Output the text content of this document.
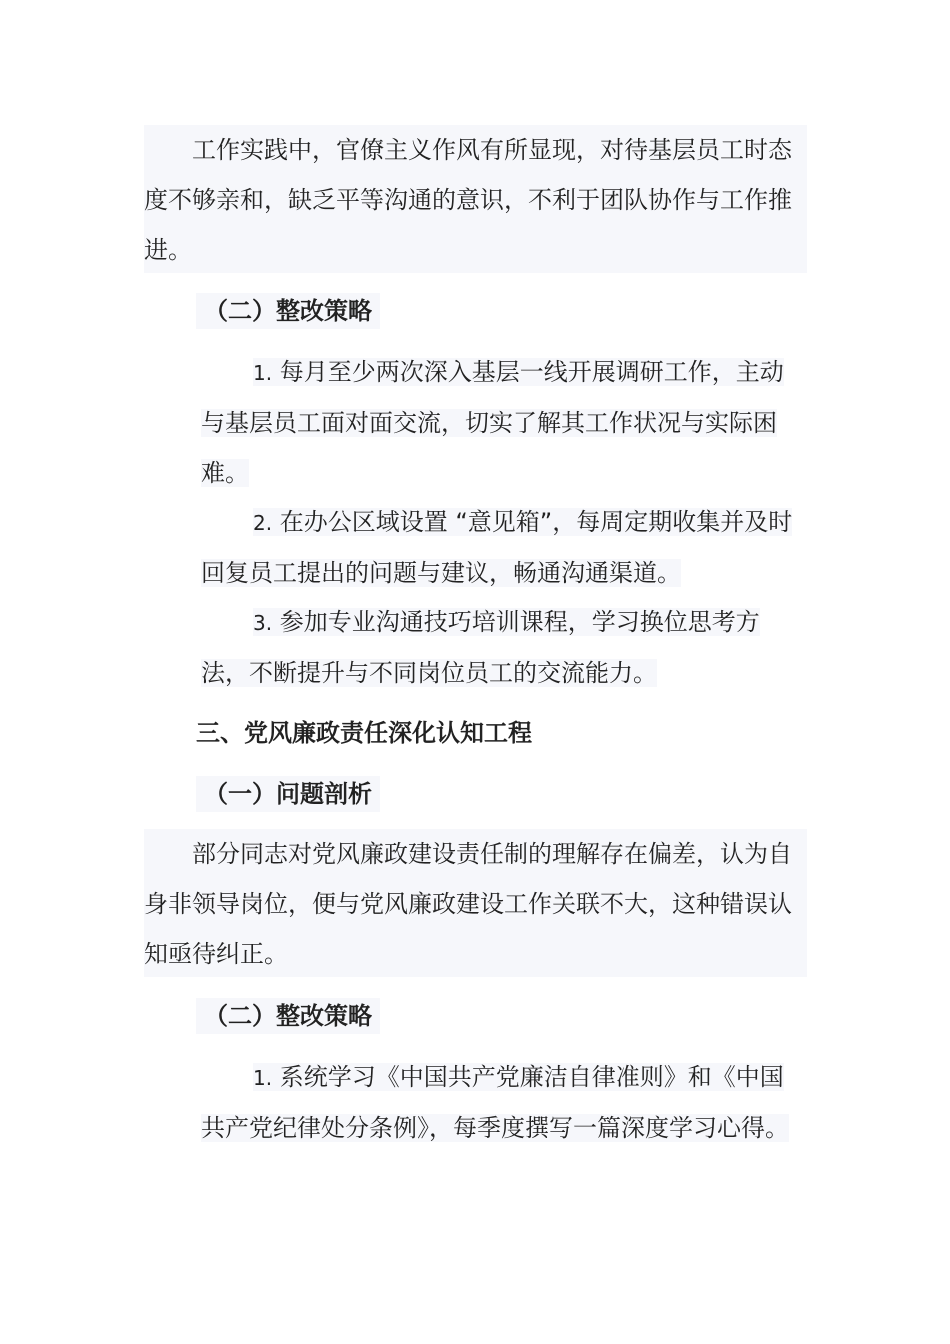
工作实践中，官僚主义作风有所显现，对待基层员工时态度不够亲和，缺乏平等沟通的意识，不利于团队协作与工作推进。

（二）整改策略

1. 每月至少两次深入基层一线开展调研工作，主动与基层员工面对面交流，切实了解其工作状况与实际困难。

2. 在办公区域设置 “意见箱”，每周定期收集并及时回复员工提出的问题与建议，畅通沟通渠道。

3. 参加专业沟通技巧培训课程，学习换位思考方法，不断提升与不同岗位员工的交流能力。

三、党风廉政责任深化认知工程

（一）问题剖析

部分同志对党风廉政建设责任制的理解存在偏差，认为自身非领导岗位，便与党风廉政建设工作关联不大，这种错误认知亟待纠正。

（二）整改策略

1. 系统学习《中国共产党廉洁自律准则》和《中国共产党纪律处分条例》，每季度撰写一篇深度学习心得。
